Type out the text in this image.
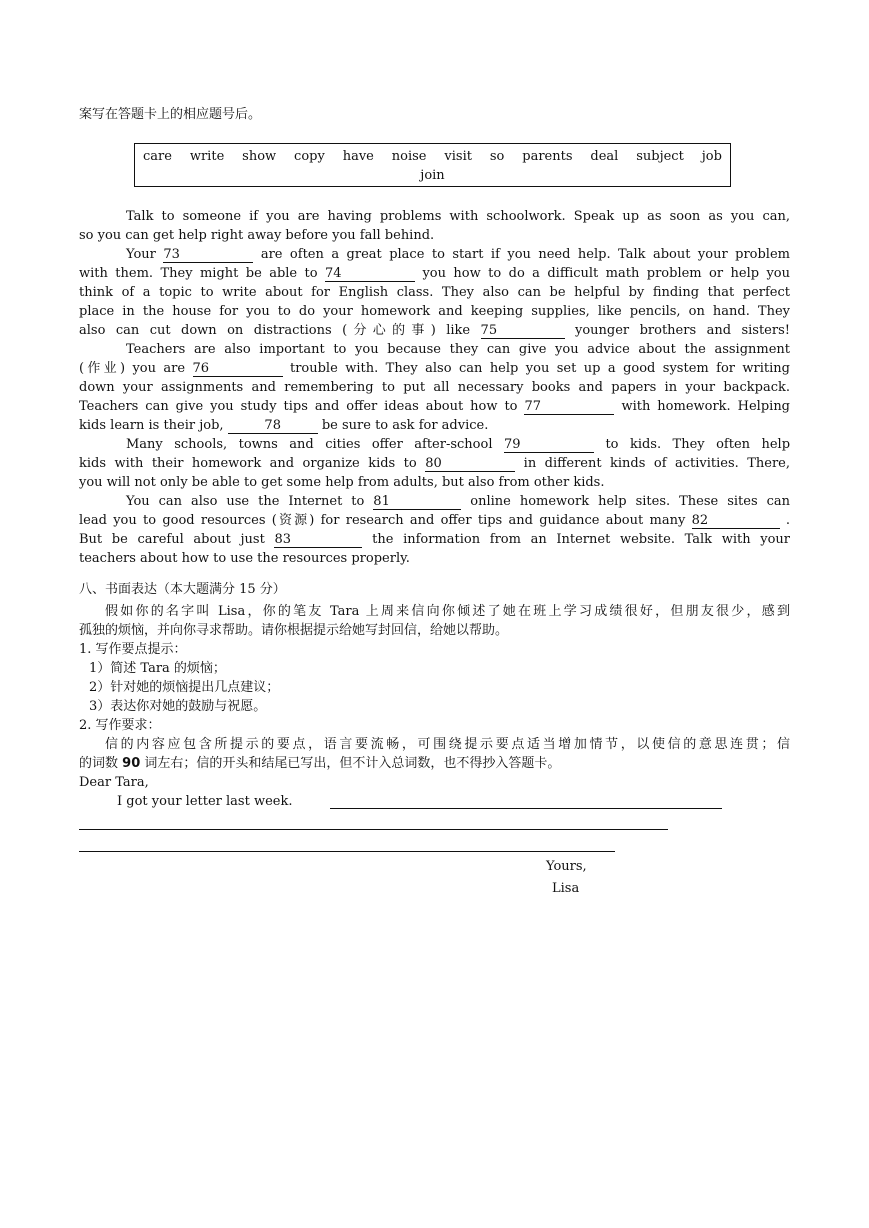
案写在答题卡上的相应题号后。
care write show copy have noise visit so parents deal subject job
join
Talk to someone if you are having problems with schoolwork. Speak up as soon as you can,
so you can get help right away before you fall behind.
Your 73	are often a great place to start if you need help. Talk about your problem
with them. They might be able to 74	you how to do a difficult math problem or help you
think of a topic to write about for English class. They also can be helpful by finding that perfect
place in the house for you to do your homework and keeping supplies, like pencils, on hand. They
also can cut down on distractions (分心的事) like 75	younger brothers and sisters!
Teachers are also important to you because they can give you advice about the assignment
(作业) you are 76	trouble with. They also can help you set up a good system for writing
down your assignments and remembering to put all necessary books and papers in your backpack.
Teachers can give you study tips and offer ideas about how to 77	with homework. Helping
kids learn is their job,	78	be sure to ask for advice.
Many schools, towns and cities offer after-school 79	to kids. They often help
kids with their homework and organize kids to 80	in different kinds of activities. There,
you will not only be able to get some help from adults, but also from other kids.
You can also use the Internet to 81	online homework help sites. These sites can
lead you to good resources (资源) for research and offer tips and guidance about many 82	.
But be careful about just 83	the information from an Internet website. Talk with your
teachers about how to use the resources properly.
八、书面表达（本大题满分 15 分）
假如你的名字叫 Lisa，你的笔友 Tara 上周来信向你倾述了她在班上学习成绩很好，但朋友很少，感到
孤独的烦恼，并向你寻求帮助。请你根据提示给她写封回信，给她以帮助。
1. 写作要点提示：
1）简述 Tara 的烦恼；
2）针对她的烦恼提出几点建议；
3）表达你对她的鼓励与祝愿。
2. 写作要求：
信的内容应包含所提示的要点，语言要流畅，可围绕提示要点适当增加情节，以使信的意思连贯；信
的词数 90 词左右；信的开头和结尾已写出，但不计入总词数，也不得抄入答题卡。
Dear Tara,
I got your letter last week.
Yours,
Lisa
